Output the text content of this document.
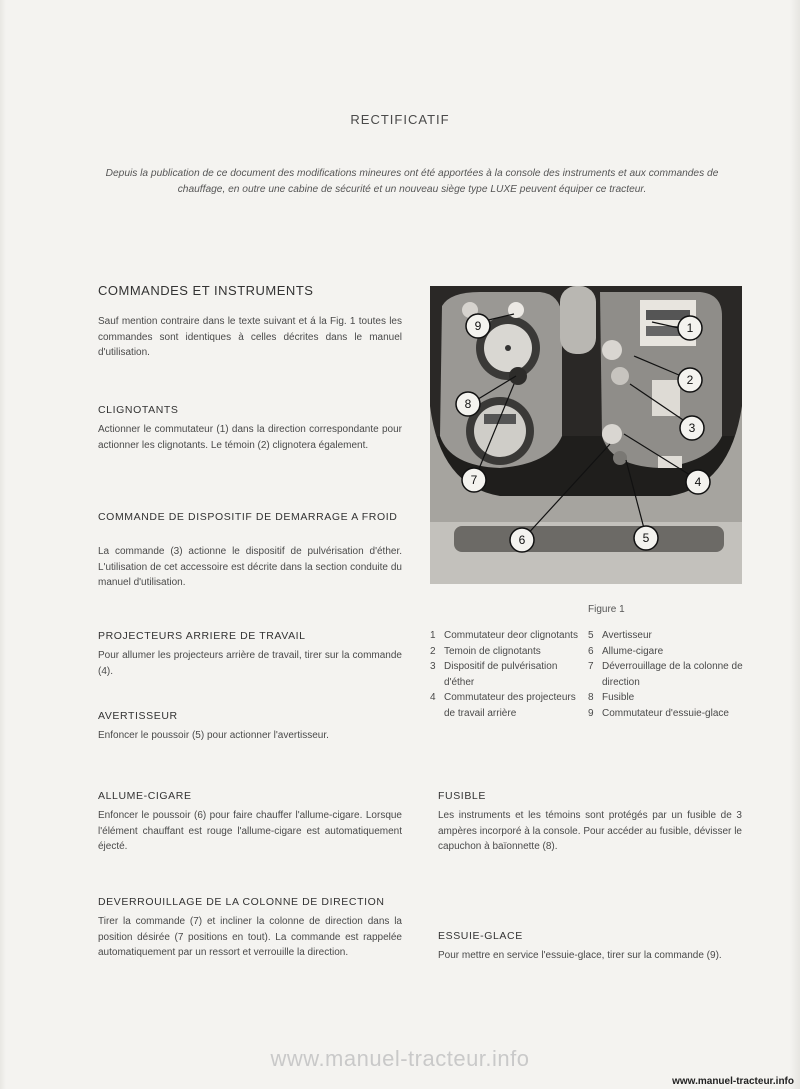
RECTIFICATIF
Depuis la publication de ce document des modifications mineures ont été apportées à la console des instruments et aux commandes de chauffage, en outre une cabine de sécurité et un nouveau siège type LUXE peuvent équiper ce tracteur.
COMMANDES ET INSTRUMENTS
Sauf mention contraire dans le texte suivant et á la Fig. 1 toutes les commandes sont identiques à celles décrites dans le manuel d'utilisation.
CLIGNOTANTS
Actionner le commutateur (1) dans la direction correspondante pour actionner les clignotants. Le témoin (2) clignotera également.
COMMANDE DE DISPOSITIF DE DEMARRAGE A FROID
La commande (3) actionne le dispositif de pulvérisation d'éther. L'utilisation de cet accessoire est décrite dans la section conduite du manuel d'utilisation.
PROJECTEURS ARRIERE DE TRAVAIL
Pour allumer les projecteurs arrière de travail, tirer sur la commande (4).
AVERTISSEUR
Enfoncer le poussoir (5) pour actionner l'avertisseur.
ALLUME-CIGARE
Enfoncer le poussoir (6) pour faire chauffer l'allume-cigare. Lorsque l'élément chauffant est rouge l'allume-cigare est automatiquement éjecté.
DEVERROUILLAGE DE LA COLONNE DE DIRECTION
Tirer la commande (7) et incliner la colonne de direction dans la position désirée (7 positions en tout). La commande est rappelée automatiquement par un ressort et verrouille la direction.
FUSIBLE
Les instruments et les témoins sont protégés par un fusible de 3 ampères incorporé à la console. Pour accéder au fusible, dévisser le capuchon à baïonnette (8).
ESSUIE-GLACE
Pour mettre en service l'essuie-glace, tirer sur la commande (9).
1
2
3
4
5
6
7
8
9
Figure 1
1 Commutateur deor clignotants
2 Temoin de clignotants
3 Dispositif de pulvérisation d'éther
4 Commutateur des projecteurs de travail arrière
5 Avertisseur
6 Allume-cigare
7 Déverrouillage de la colonne de direction
8 Fusible
9 Commutateur d'essuie-glace
www.manuel-tracteur.info
www.manuel-tracteur.info
